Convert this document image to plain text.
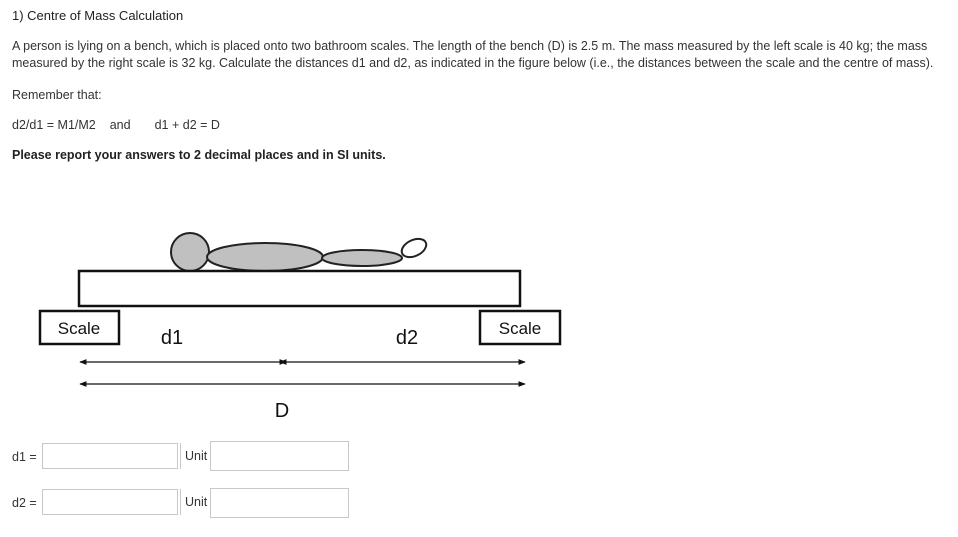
1) Centre of Mass Calculation
A person is lying on a bench, which is placed onto two bathroom scales. The length of the bench (D) is 2.5 m. The mass measured by the left scale is 40 kg; the mass measured by the right scale is 32 kg. Calculate the distances d1 and d2, as indicated in the figure below (i.e., the distances between the scale and the centre of mass).
Remember that:
d2/d1 = M1/M2 and d1 + d2 = D
Please report your answers to 2 decimal places and in SI units.
Scale	Scale
d1	d2
D
d1 =	Unit
d2 =	Unit
